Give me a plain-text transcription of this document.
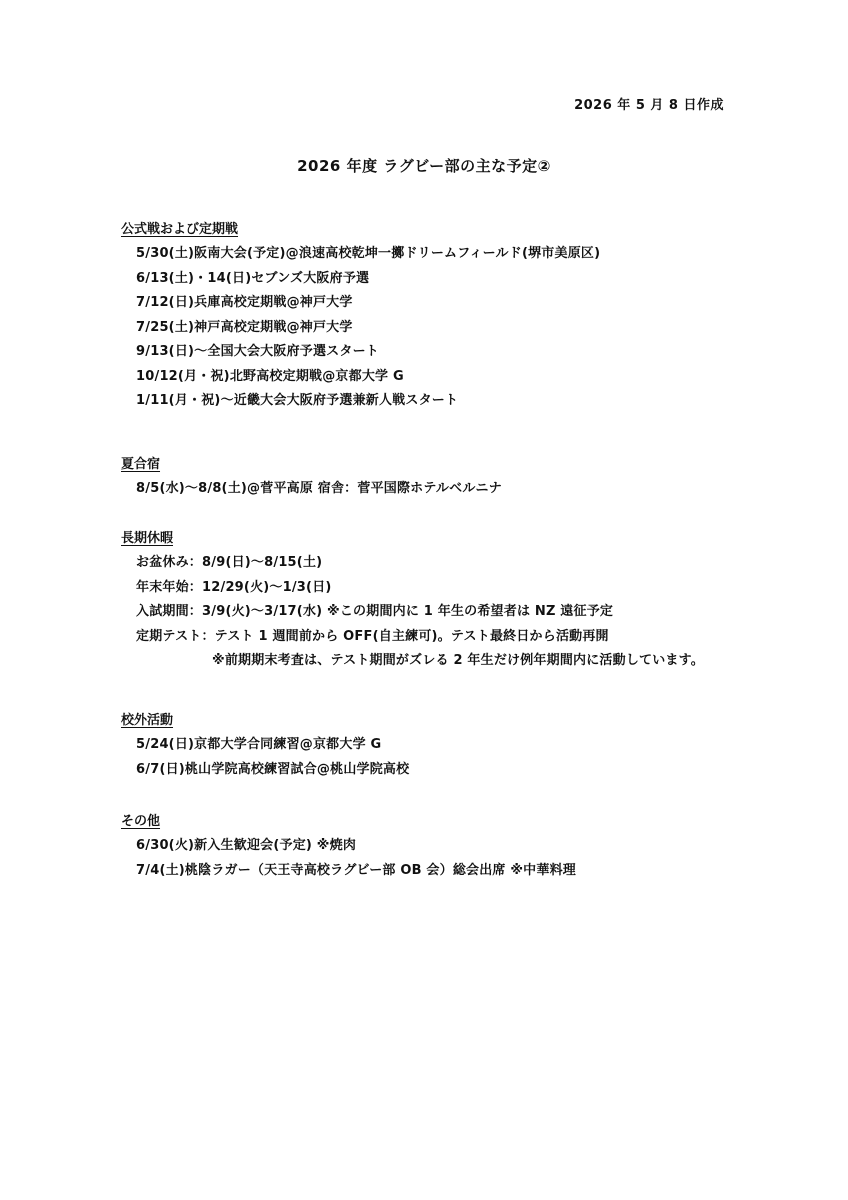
2026 年 5 月 8 日作成
2026 年度 ラグビー部の主な予定②
公式戦および定期戦
5/30(土)阪南大会(予定)@浪速高校乾坤一擲ドリームフィールド(堺市美原区)
6/13(土)・14(日)セブンズ大阪府予選
7/12(日)兵庫高校定期戦@神戸大学
7/25(土)神戸高校定期戦@神戸大学
9/13(日)～全国大会大阪府予選スタート
10/12(月・祝)北野高校定期戦@京都大学 G
1/11(月・祝)～近畿大会大阪府予選兼新人戦スタート
夏合宿
8/5(水)～8/8(土)@菅平高原 宿舎：菅平国際ホテルベルニナ
長期休暇
お盆休み：8/9(日)～8/15(土)
年末年始：12/29(火)～1/3(日)
入試期間：3/9(火)～3/17(水) ※この期間内に 1 年生の希望者は NZ 遠征予定
定期テスト：テスト 1 週間前から OFF(自主練可)。テスト最終日から活動再開
※前期期末考査は、テスト期間がズレる 2 年生だけ例年期間内に活動しています。
校外活動
5/24(日)京都大学合同練習@京都大学 G
6/7(日)桃山学院高校練習試合@桃山学院高校
その他
6/30(火)新入生歓迎会(予定) ※焼肉
7/4(土)桃陰ラガー（天王寺高校ラグビー部 OB 会）総会出席 ※中華料理
